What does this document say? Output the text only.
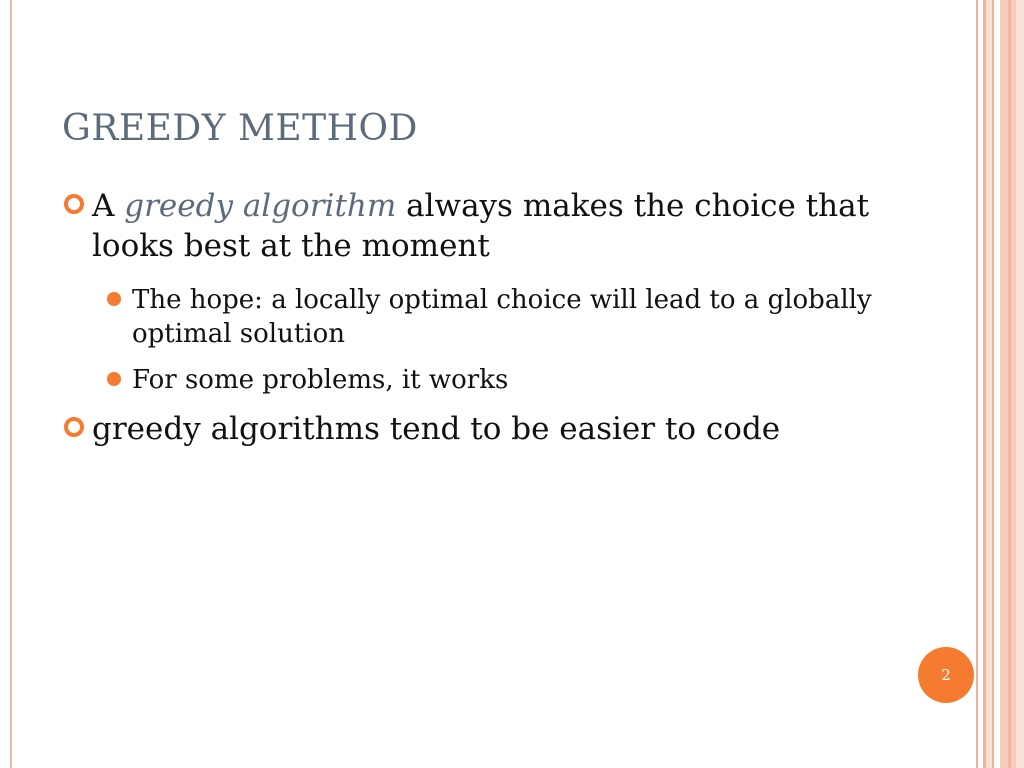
GREEDY METHOD
A greedy algorithm always makes the choice that looks best at the moment
The hope: a locally optimal choice will lead to a globally optimal solution
For some problems, it works
greedy algorithms tend to be easier to code
2
